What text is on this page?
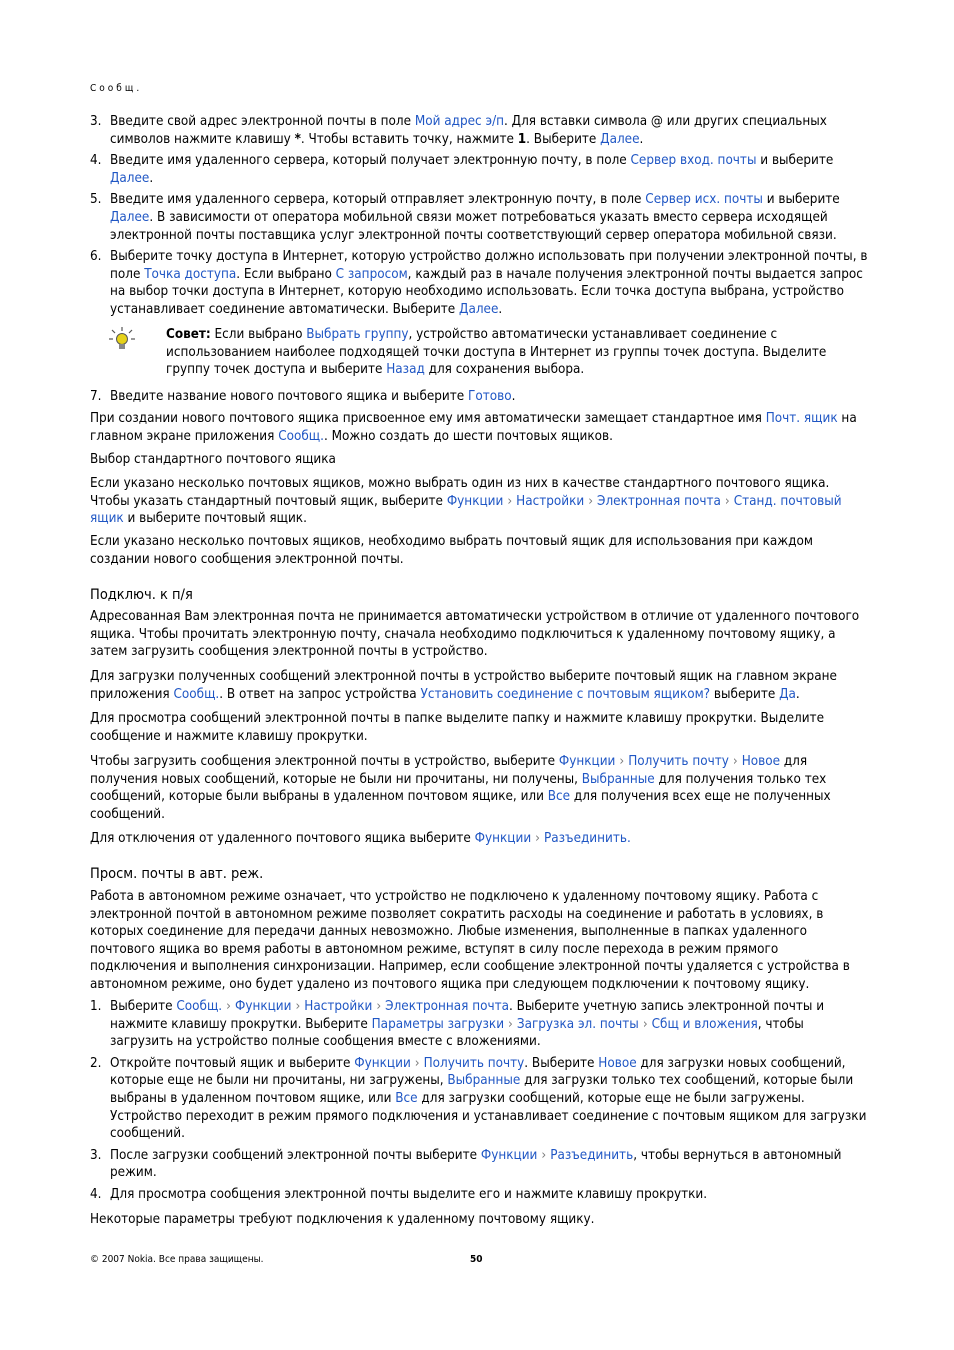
Сообщ.
3. Введите свой адрес электронной почты в поле Мой адрес э/п. Для вставки символа @ или других специальных символов нажмите клавишу *. Чтобы вставить точку, нажмите 1. Выберите Далее.
4. Введите имя удаленного сервера, который получает электронную почту, в поле Сервер вход. почты и выберите Далее.
5. Введите имя удаленного сервера, который отправляет электронную почту, в поле Сервер исх. почты и выберите Далее. В зависимости от оператора мобильной связи может потребоваться указать вместо сервера исходящей электронной почты поставщика услуг электронной почты соответствующий сервер оператора мобильной связи.
6. Выберите точку доступа в Интернет, которую устройство должно использовать при получении электронной почты, в поле Точка доступа. Если выбрано С запросом, каждый раз в начале получения электронной почты выдается запрос на выбор точки доступа в Интернет, которую необходимо использовать. Если точка доступа выбрана, устройство устанавливает соединение автоматически. Выберите Далее.

Совет: Если выбрано Выбрать группу, устройство автоматически устанавливает соединение с использованием наиболее подходящей точки доступа в Интернет из группы точек доступа. Выделите группу точек доступа и выберите Назад для сохранения выбора.

7. Введите название нового почтового ящика и выберите Готово.

При создании нового почтового ящика присвоенное ему имя автоматически замещает стандартное имя Почт. ящик на главном экране приложения Сообщ.. Можно создать до шести почтовых ящиков.

Выбор стандартного почтового ящика

Если указано несколько почтовых ящиков, можно выбрать один из них в качестве стандартного почтового ящика. Чтобы указать стандартный почтовый ящик, выберите Функции › Настройки › Электронная почта › Станд. почтовый ящик и выберите почтовый ящик.

Если указано несколько почтовых ящиков, необходимо выбрать почтовый ящик для использования при каждом создании нового сообщения электронной почты.

Подключ. к п/я

Адресованная Вам электронная почта не принимается автоматически устройством в отличие от удаленного почтового ящика. Чтобы прочитать электронную почту, сначала необходимо подключиться к удаленному почтовому ящику, а затем загрузить сообщения электронной почты в устройство.

Для загрузки полученных сообщений электронной почты в устройство выберите почтовый ящик на главном экране приложения Сообщ.. В ответ на запрос устройства Установить соединение с почтовым ящиком? выберите Да.

Для просмотра сообщений электронной почты в папке выделите папку и нажмите клавишу прокрутки. Выделите сообщение и нажмите клавишу прокрутки.

Чтобы загрузить сообщения электронной почты в устройство, выберите Функции › Получить почту › Новое для получения новых сообщений, которые не были ни прочитаны, ни получены, Выбранные для получения только тех сообщений, которые были выбраны в удаленном почтовом ящике, или Все для получения всех еще не полученных сообщений.

Для отключения от удаленного почтового ящика выберите Функции › Разъединить.

Просм. почты в авт. реж.

Работа в автономном режиме означает, что устройство не подключено к удаленному почтовому ящику. Работа с электронной почтой в автономном режиме позволяет сократить расходы на соединение и работать в условиях, в которых соединение для передачи данных невозможно. Любые изменения, выполненные в папках удаленного почтового ящика во время работы в автономном режиме, вступят в силу после перехода в режим прямого подключения и выполнения синхронизации. Например, если сообщение электронной почты удаляется с устройства в автономном режиме, оно будет удалено из почтового ящика при следующем подключении к почтовому ящику.

1. Выберите Сообщ. › Функции › Настройки › Электронная почта. Выберите учетную запись электронной почты и нажмите клавишу прокрутки. Выберите Параметры загрузки › Загрузка эл. почты › Сбщ и вложения, чтобы загрузить на устройство полные сообщения вместе с вложениями.
2. Откройте почтовый ящик и выберите Функции › Получить почту. Выберите Новое для загрузки новых сообщений, которые еще не были ни прочитаны, ни загружены, Выбранные для загрузки только тех сообщений, которые были выбраны в удаленном почтовом ящике, или Все для загрузки сообщений, которые еще не были загружены. Устройство переходит в режим прямого подключения и устанавливает соединение с почтовым ящиком для загрузки сообщений.
3. После загрузки сообщений электронной почты выберите Функции › Разъединить, чтобы вернуться в автономный режим.
4. Для просмотра сообщения электронной почты выделите его и нажмите клавишу прокрутки.

Некоторые параметры требуют подключения к удаленному почтовому ящику.

© 2007 Nokia. Все права защищены.	50
